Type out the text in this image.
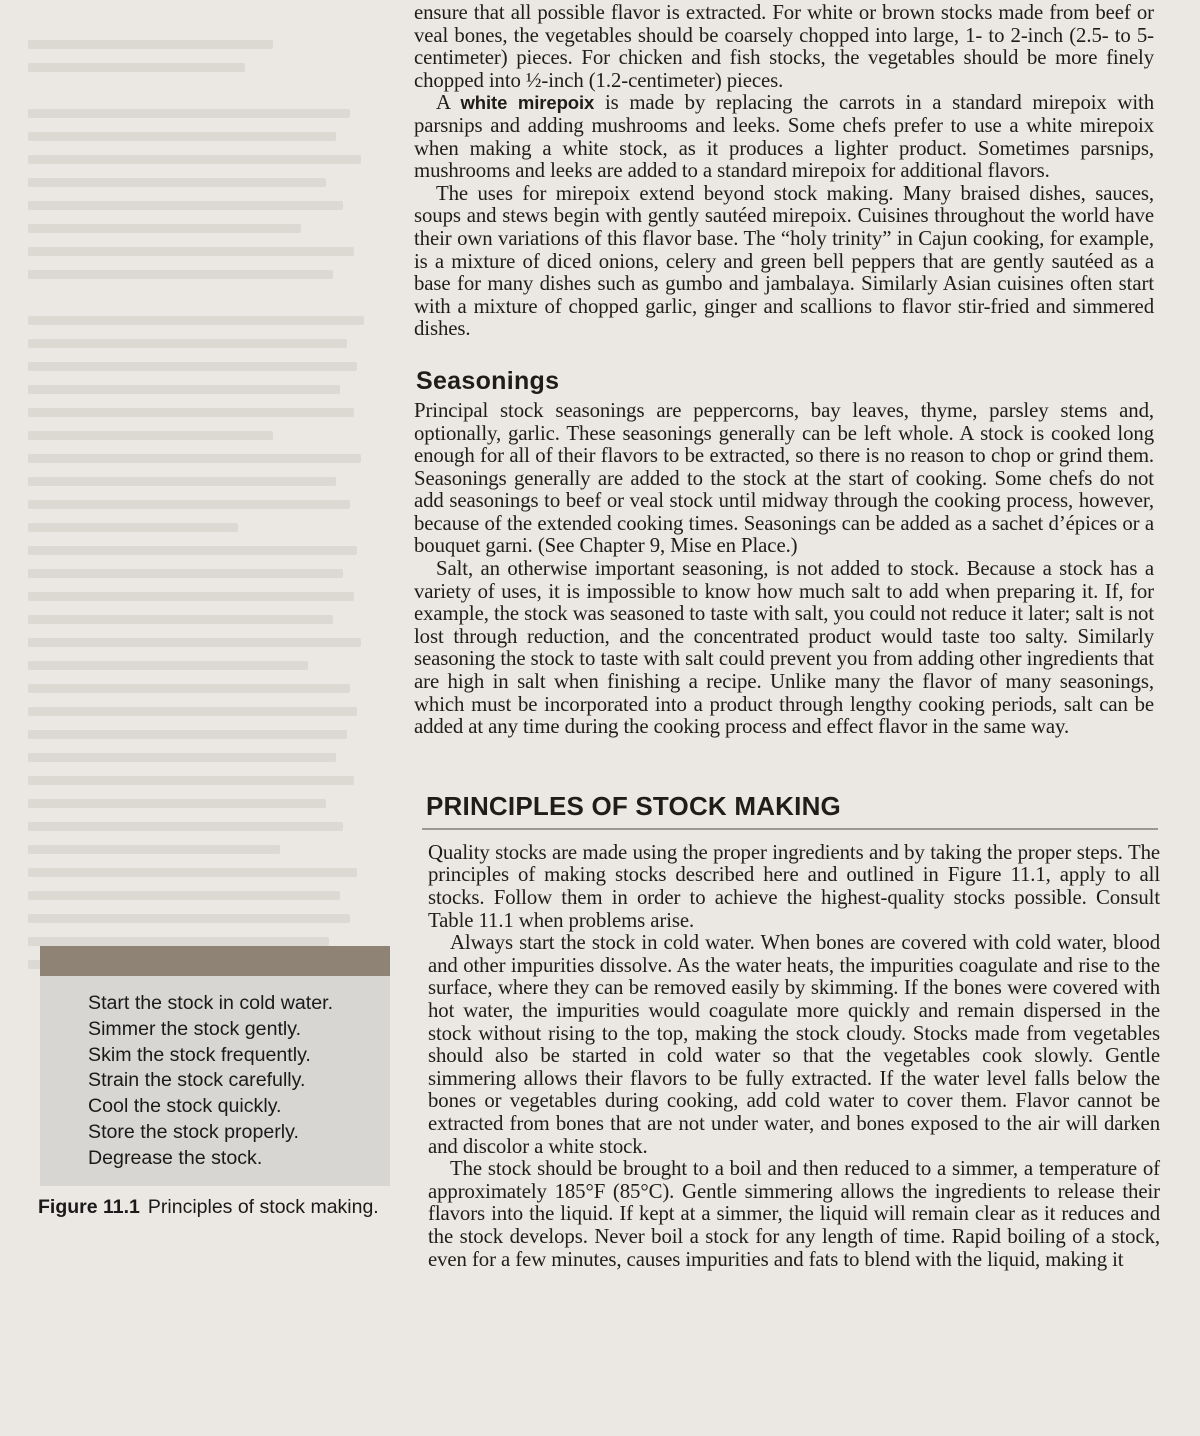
ensure that all possible flavor is extracted. For white or brown stocks made from beef or veal bones, the vegetables should be coarsely chopped into large, 1- to 2-inch (2.5- to 5-centimeter) pieces. For chicken and fish stocks, the vegetables should be more finely chopped into ½-inch (1.2-centimeter) pieces.

A white mirepoix is made by replacing the carrots in a standard mirepoix with parsnips and adding mushrooms and leeks. Some chefs prefer to use a white mirepoix when making a white stock, as it produces a lighter product. Sometimes parsnips, mushrooms and leeks are added to a standard mirepoix for additional flavors.

The uses for mirepoix extend beyond stock making. Many braised dishes, sauces, soups and stews begin with gently sautéed mirepoix. Cuisines throughout the world have their own variations of this flavor base. The “holy trinity” in Cajun cooking, for example, is a mixture of diced onions, celery and green bell peppers that are gently sautéed as a base for many dishes such as gumbo and jambalaya. Similarly Asian cuisines often start with a mixture of chopped garlic, ginger and scallions to flavor stir-fried and simmered dishes.

Seasonings

Principal stock seasonings are peppercorns, bay leaves, thyme, parsley stems and, optionally, garlic. These seasonings generally can be left whole. A stock is cooked long enough for all of their flavors to be extracted, so there is no reason to chop or grind them. Seasonings generally are added to the stock at the start of cooking. Some chefs do not add seasonings to beef or veal stock until midway through the cooking process, however, because of the extended cooking times. Seasonings can be added as a sachet d’épices or a bouquet garni. (See Chapter 9, Mise en Place.)

Salt, an otherwise important seasoning, is not added to stock. Because a stock has a variety of uses, it is impossible to know how much salt to add when preparing it. If, for example, the stock was seasoned to taste with salt, you could not reduce it later; salt is not lost through reduction, and the concentrated product would taste too salty. Similarly seasoning the stock to taste with salt could prevent you from adding other ingredients that are high in salt when finishing a recipe. Unlike many the flavor of many seasonings, which must be incorporated into a product through lengthy cooking periods, salt can be added at any time during the cooking process and effect flavor in the same way.

PRINCIPLES OF STOCK MAKING

Quality stocks are made using the proper ingredients and by taking the proper steps. The principles of making stocks described here and outlined in Figure 11.1, apply to all stocks. Follow them in order to achieve the highest-quality stocks possible. Consult Table 11.1 when problems arise.

Always start the stock in cold water. When bones are covered with cold water, blood and other impurities dissolve. As the water heats, the impurities coagulate and rise to the surface, where they can be removed easily by skimming. If the bones were covered with hot water, the impurities would coagulate more quickly and remain dispersed in the stock without rising to the top, making the stock cloudy. Stocks made from vegetables should also be started in cold water so that the vegetables cook slowly. Gentle simmering allows their flavors to be fully extracted. If the water level falls below the bones or vegetables during cooking, add cold water to cover them. Flavor cannot be extracted from bones that are not under water, and bones exposed to the air will darken and discolor a white stock.

The stock should be brought to a boil and then reduced to a simmer, a temperature of approximately 185°F (85°C). Gentle simmering allows the ingredients to release their flavors into the liquid. If kept at a simmer, the liquid will remain clear as it reduces and the stock develops. Never boil a stock for any length of time. Rapid boiling of a stock, even for a few minutes, causes impurities and fats to blend with the liquid, making it

Start the stock in cold water.
Simmer the stock gently.
Skim the stock frequently.
Strain the stock carefully.
Cool the stock quickly.
Store the stock properly.
Degrease the stock.
Figure 11.1 Principles of stock making.
